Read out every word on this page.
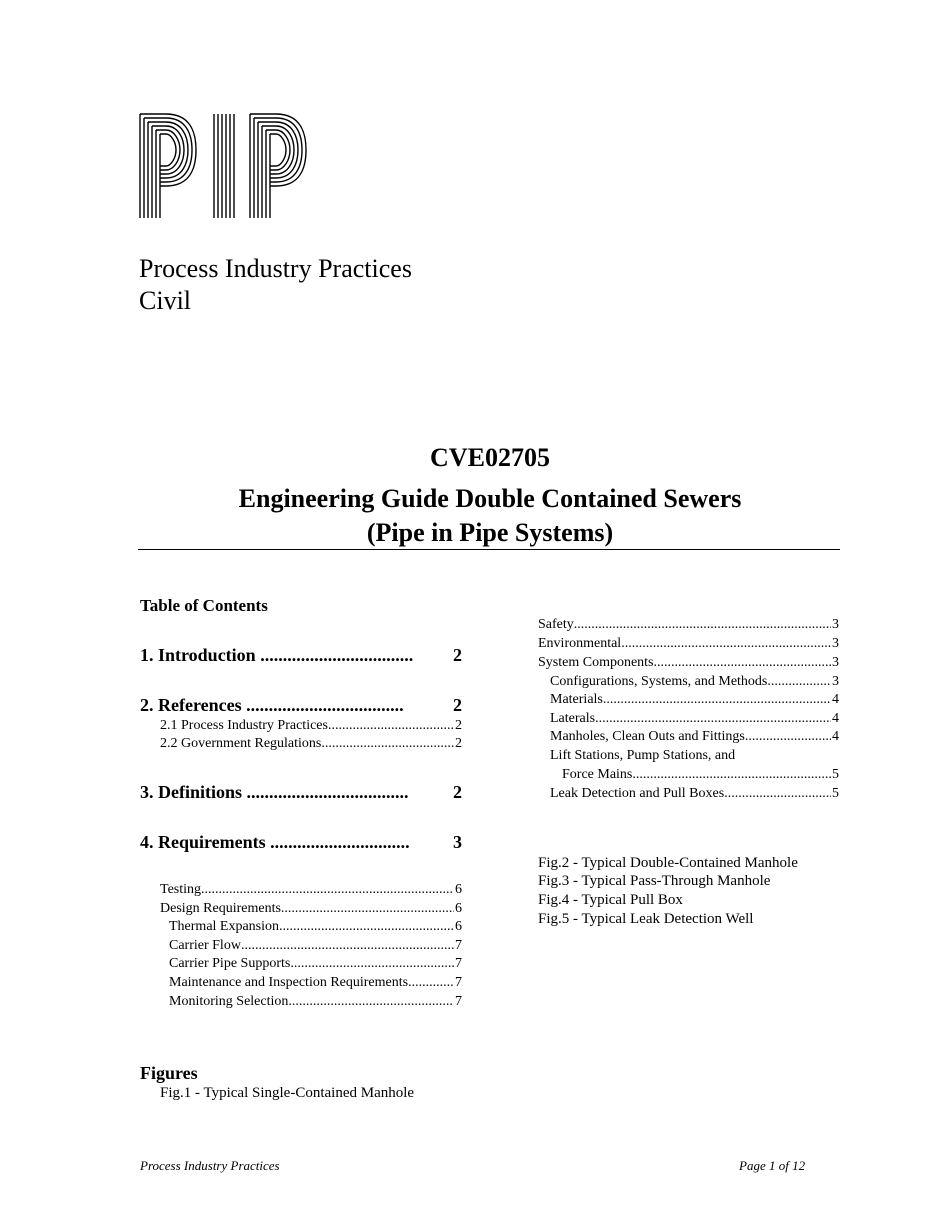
Process Industry Practices
Civil
CVE02705
Engineering Guide Double Contained Sewers
(Pipe in Pipe Systems)
Table of Contents
1. Introduction .................................. 2
2. References ...................................	2
2.1 Process Industry Practices .....	2
2.2 Government Regulations .....	2
3. Definitions .................................... 2
4. Requirements ............................... 3
Testing .....	6
Design Requirements .....	6
Thermal Expansion .....	6
Carrier Flow .....	7
Carrier Pipe Supports .....	7
Maintenance and Inspection Requirements .....	7
Monitoring Selection .....	7
Safety .....	3
Environmental .....	3
System Components .....	3
Configurations, Systems, and Methods .....	3
Materials .....	4
Laterals .....	4
Manholes, Clean Outs and Fittings .....	4
Lift Stations, Pump Stations, and
Force Mains .....	5
Leak Detection and Pull Boxes .....	5
Figures
Fig.1 - Typical Single-Contained Manhole
Fig.2 - Typical Double-Contained Manhole
Fig.3 - Typical Pass-Through Manhole
Fig.4 - Typical Pull Box
Fig.5 - Typical Leak Detection Well
Process Industry Practices	Page 1 of 12
